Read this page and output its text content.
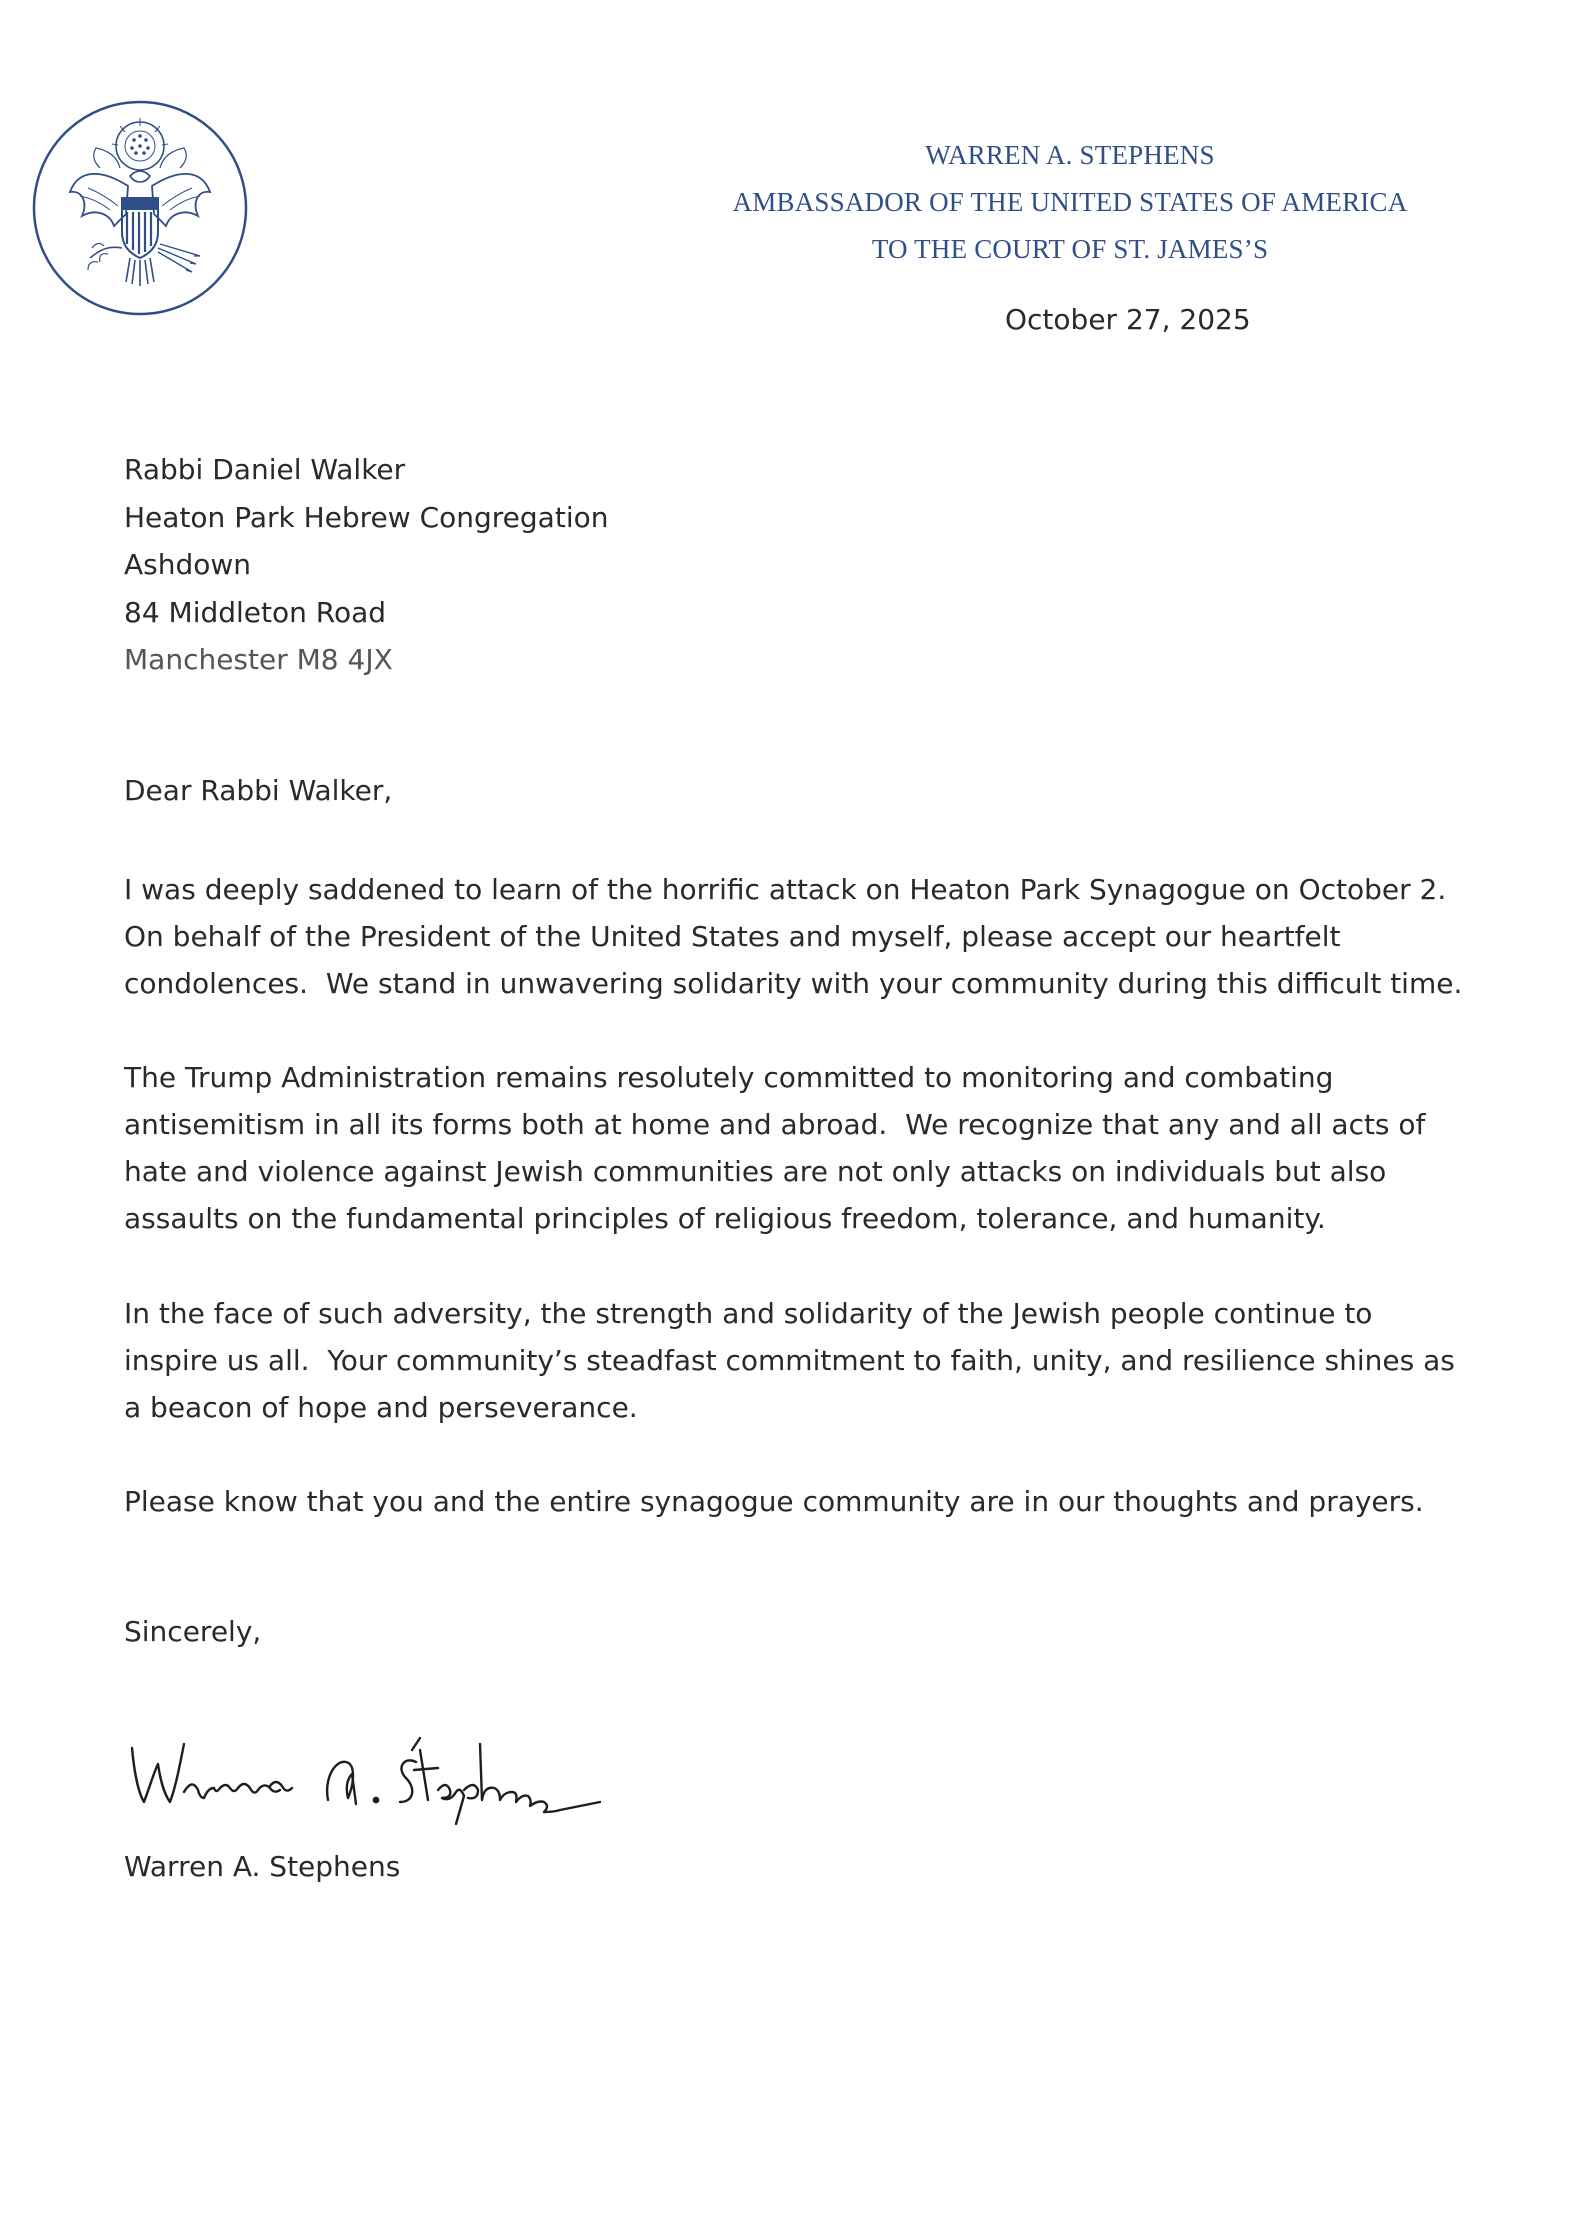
WARREN A. STEPHENS
AMBASSADOR OF THE UNITED STATES OF AMERICA
TO THE COURT OF ST. JAMES’S
October 27, 2025
Rabbi Daniel Walker
Heaton Park Hebrew Congregation
Ashdown
84 Middleton Road
Manchester M8 4JX
Dear Rabbi Walker,
I was deeply saddened to learn of the horrific attack on Heaton Park Synagogue on October 2.
On behalf of the President of the United States and myself, please accept our heartfelt
condolences.  We stand in unwavering solidarity with your community during this difficult time.
The Trump Administration remains resolutely committed to monitoring and combating
antisemitism in all its forms both at home and abroad.  We recognize that any and all acts of
hate and violence against Jewish communities are not only attacks on individuals but also
assaults on the fundamental principles of religious freedom, tolerance, and humanity.
In the face of such adversity, the strength and solidarity of the Jewish people continue to
inspire us all.  Your community’s steadfast commitment to faith, unity, and resilience shines as
a beacon of hope and perseverance.
Please know that you and the entire synagogue community are in our thoughts and prayers.
Sincerely,
Warren A. Stephens
